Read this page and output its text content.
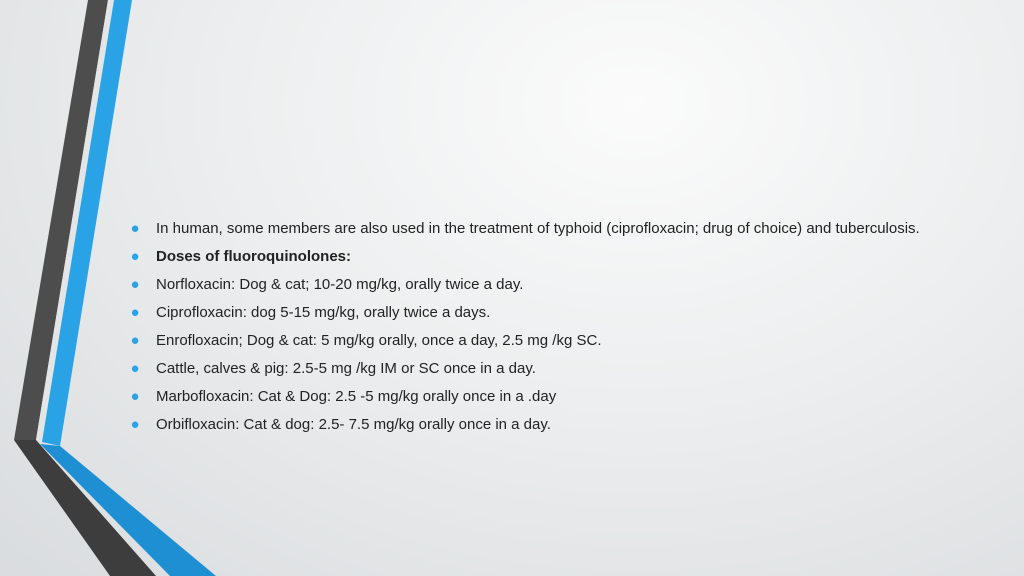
● In human, some members are also used in the treatment of typhoid (ciprofloxacin; drug of choice) and tuberculosis.
● Doses of fluoroquinolones:
● Norfloxacin: Dog & cat; 10-20 mg/kg, orally twice a day.
● Ciprofloxacin: dog 5-15 mg/kg, orally twice a days.
● Enrofloxacin; Dog & cat: 5 mg/kg orally, once a day, 2.5 mg /kg SC.
● Cattle, calves & pig: 2.5-5 mg /kg IM or SC once in a day.
● Marbofloxacin: Cat & Dog: 2.5 -5 mg/kg orally once in a .day
● Orbifloxacin: Cat & dog: 2.5- 7.5 mg/kg orally once in a day.
